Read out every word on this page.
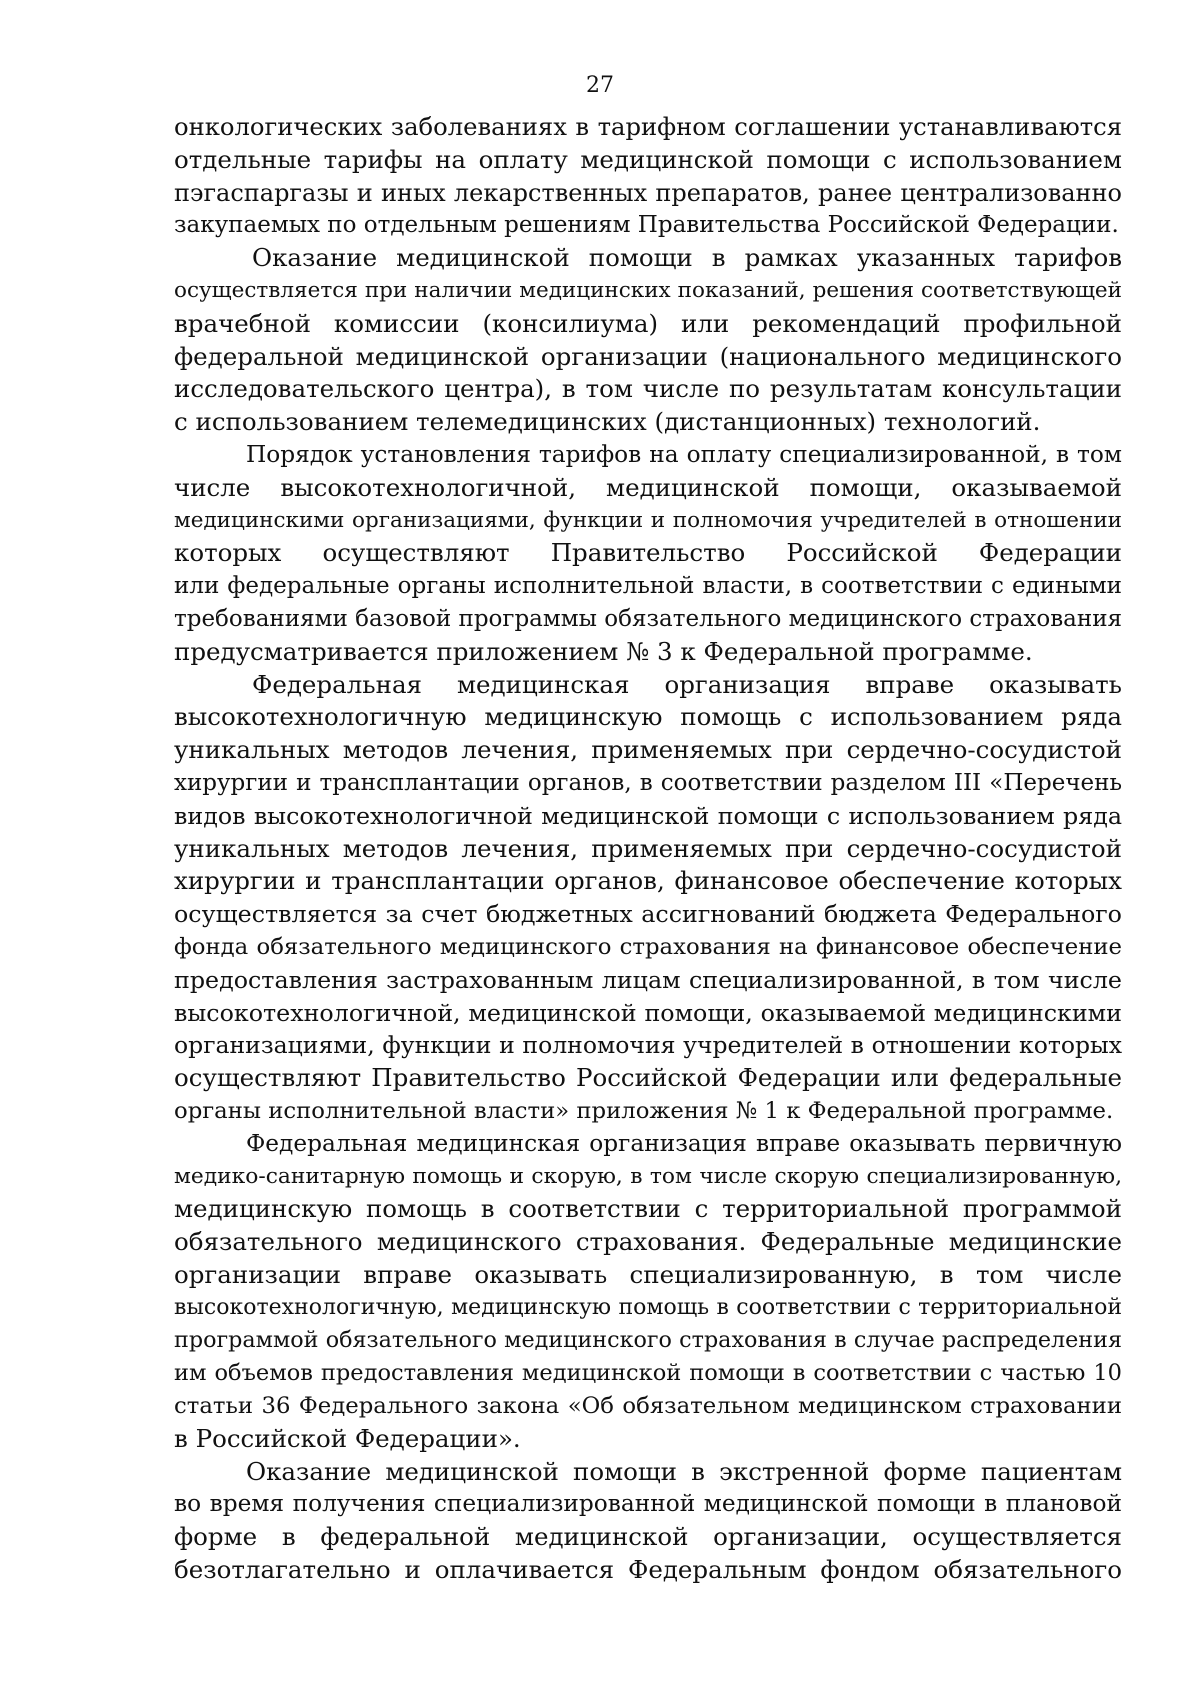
27

онкологических заболеваниях в тарифном соглашении устанавливаются
отдельные тарифы на оплату медицинской помощи с использованием
пэгаспаргазы и иных лекарственных препаратов, ранее централизованно
закупаемых по отдельным решениям Правительства Российской Федерации.

Оказание медицинской помощи в рамках указанных тарифов
осуществляется при наличии медицинских показаний, решения соответствующей
врачебной комиссии (консилиума) или рекомендаций профильной
федеральной медицинской организации (национального медицинского
исследовательского центра), в том числе по результатам консультации
с использованием телемедицинских (дистанционных) технологий.

Порядок установления тарифов на оплату специализированной, в том
числе высокотехнологичной, медицинской помощи, оказываемой
медицинскими организациями, функции и полномочия учредителей в отношении
которых осуществляют Правительство Российской Федерации
или федеральные органы исполнительной власти, в соответствии с едиными
требованиями базовой программы обязательного медицинского страхования
предусматривается приложением № 3 к Федеральной программе.

Федеральная медицинская организация вправе оказывать
высокотехнологичную медицинскую помощь с использованием ряда
уникальных методов лечения, применяемых при сердечно-сосудистой
хирургии и трансплантации органов, в соответствии разделом III «Перечень
видов высокотехнологичной медицинской помощи с использованием ряда
уникальных методов лечения, применяемых при сердечно-сосудистой
хирургии и трансплантации органов, финансовое обеспечение которых
осуществляется за счет бюджетных ассигнований бюджета Федерального
фонда обязательного медицинского страхования на финансовое обеспечение
предоставления застрахованным лицам специализированной, в том числе
высокотехнологичной, медицинской помощи, оказываемой медицинскими
организациями, функции и полномочия учредителей в отношении которых
осуществляют Правительство Российской Федерации или федеральные
органы исполнительной власти» приложения № 1 к Федеральной программе.

Федеральная медицинская организация вправе оказывать первичную
медико-санитарную помощь и скорую, в том числе скорую специализированную,
медицинскую помощь в соответствии с территориальной программой
обязательного медицинского страхования. Федеральные медицинские
организации вправе оказывать специализированную, в том числе
высокотехнологичную, медицинскую помощь в соответствии с территориальной
программой обязательного медицинского страхования в случае распределения
им объемов предоставления медицинской помощи в соответствии с частью 10
статьи 36 Федерального закона «Об обязательном медицинском страховании
в Российской Федерации».

Оказание медицинской помощи в экстренной форме пациентам
во время получения специализированной медицинской помощи в плановой
форме в федеральной медицинской организации, осуществляется
безотлагательно и оплачивается Федеральным фондом обязательного
